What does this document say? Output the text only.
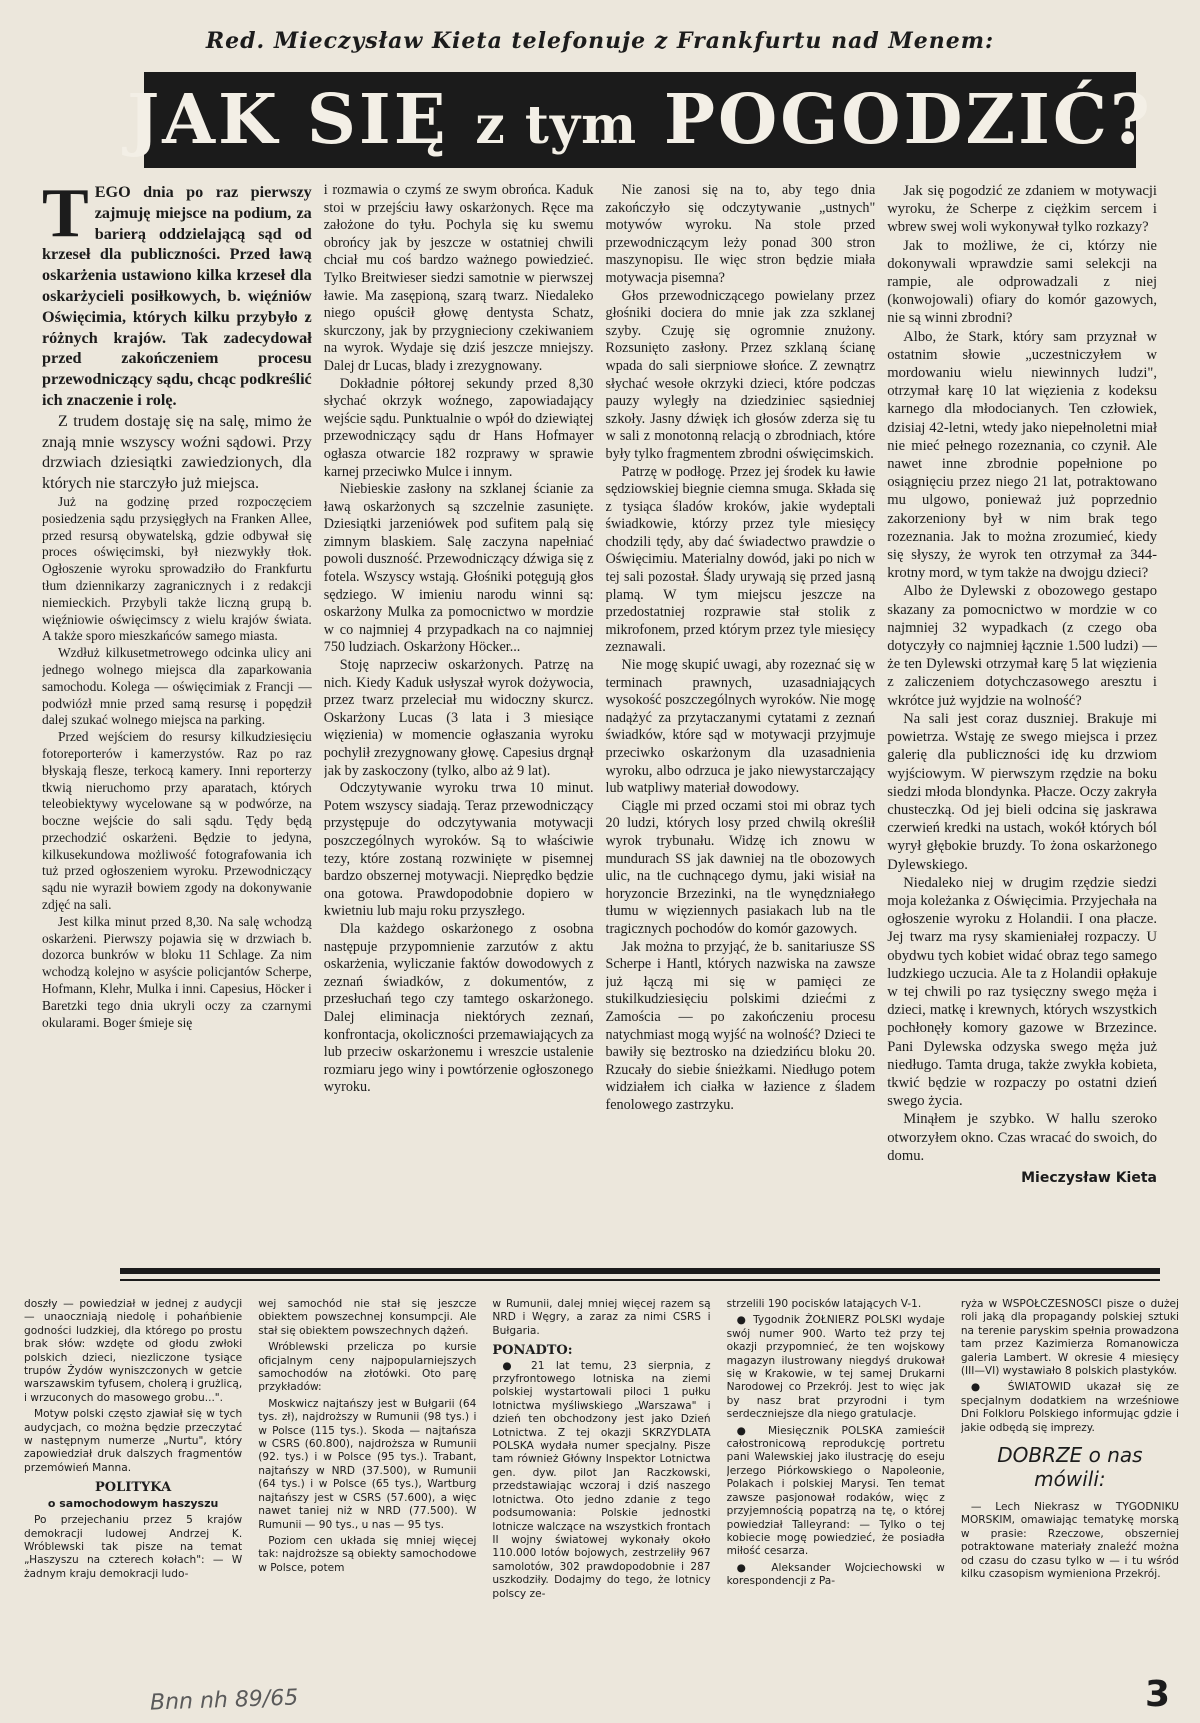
Red. Mieczysław Kieta telefonuje z Frankfurtu nad Menem:
JAK SIĘ z tym POGODZIĆ?

TEGO dnia po raz pierwszy zajmuję miejsce na podium, za barierą oddzielającą sąd od krzeseł dla publiczności. Przed ławą oskarżenia ustawiono kilka krzeseł dla oskarżycieli posiłkowych, b. więźniów Oświęcimia, których kilku przybyło z różnych krajów. Tak zadecydował przed zakończeniem procesu przewodniczący sądu, chcąc podkreślić ich znaczenie i rolę.

Z trudem dostaję się na salę, mimo że znają mnie wszyscy woźni sądowi. Przy drzwiach dziesiątki zawiedzionych, dla których nie starczyło już miejsca.

Już na godzinę przed rozpoczęciem posiedzenia sądu przysięgłych na Franken Allee, przed resursą obywatelską, gdzie odbywał się proces oświęcimski, był niezwykły tłok. Ogłoszenie wyroku sprowadziło do Frankfurtu tłum dziennikarzy zagranicznych i z redakcji niemieckich. Przybyli także liczną grupą b. więźniowie oświęcimscy z wielu krajów świata. A także sporo mieszkańców samego miasta.

Wzdłuż kilkusetmetrowego odcinka ulicy ani jednego wolnego miejsca dla zaparkowania samochodu. Kolega — oświęcimiak z Francji — podwiózł mnie przed samą resursę i popędził dalej szukać wolnego miejsca na parking.

Przed wejściem do resursy kilkudziesięciu fotoreporterów i kamerzystów. Raz po raz błyskają flesze, terkocą kamery. Inni reporterzy tkwią nieruchomo przy aparatach, których teleobiektywy wycelowane są w podwórze, na boczne wejście do sali sądu. Tędy będą przechodzić oskarżeni. Będzie to jedyna, kilkusekundowa możliwość fotografowania ich tuż przed ogłoszeniem wyroku. Przewodniczący sądu nie wyraził bowiem zgody na dokonywanie zdjęć na sali.

Jest kilka minut przed 8,30. Na salę wchodzą oskarżeni. Pierwszy pojawia się w drzwiach b. dozorca bunkrów w bloku 11 Schlage. Za nim wchodzą kolejno w asyście policjantów Scherpe, Hofmann, Klehr, Mulka i inni. Capesius, Höcker i Baretzki tego dnia ukryli oczy za czarnymi okularami. Boger śmieje się

i rozmawia o czymś ze swym obrońca. Kaduk stoi w przejściu ławy oskarżonych. Ręce ma założone do tyłu. Pochyla się ku swemu obrońcy jak by jeszcze w ostatniej chwili chciał mu coś bardzo ważnego powiedzieć. Tylko Breitwieser siedzi samotnie w pierwszej ławie. Ma zasępioną, szarą twarz. Niedaleko niego opuścił głowę dentysta Schatz, skurczony, jak by przygnieciony czekiwaniem na wyrok. Wydaje się dziś jeszcze mniejszy. Dalej dr Lucas, blady i zrezygnowany.

Dokładnie półtorej sekundy przed 8,30 słychać okrzyk woźnego, zapowiadający wejście sądu. Punktualnie o wpół do dziewiątej przewodniczący sądu dr Hans Hofmayer ogłasza otwarcie 182 rozprawy w sprawie karnej przeciwko Mulce i innym.

Niebieskie zasłony na szklanej ścianie za ławą oskarżonych są szczelnie zasunięte. Dziesiątki jarzeniówek pod sufitem palą się zimnym blaskiem. Salę zaczyna napełniać powoli duszność. Przewodniczący dźwiga się z fotela. Wszyscy wstają. Głośniki potęgują głos sędziego. W imieniu narodu winni są: oskarżony Mulka za pomocnictwo w mordzie w co najmniej 4 przypadkach na co najmniej 750 ludziach. Oskarżony Höcker...

Stoję naprzeciw oskarżonych. Patrzę na nich. Kiedy Kaduk usłyszał wyrok dożywocia, przez twarz przeleciał mu widoczny skurcz. Oskarżony Lucas (3 lata i 3 miesiące więzienia) w momencie ogłaszania wyroku pochylił zrezygnowany głowę. Capesius drgnął jak by zaskoczony (tylko, albo aż 9 lat).

Odczytywanie wyroku trwa 10 minut. Potem wszyscy siadają. Teraz przewodniczący przystępuje do odczytywania motywacji poszczególnych wyroków. Są to właściwie tezy, które zostaną rozwinięte w pisemnej bardzo obszernej motywacji. Nieprędko będzie ona gotowa. Prawdopodobnie dopiero w kwietniu lub maju roku przyszłego.

Dla każdego oskarżonego z osobna następuje przypomnienie zarzutów z aktu oskarżenia, wyliczanie faktów dowodowych z zeznań świadków, z dokumentów, z przesłuchań tego czy tamtego oskarżonego. Dalej eliminacja niektórych zeznań, konfrontacja, okoliczności przemawiających za lub przeciw oskarżonemu i wreszcie ustalenie rozmiaru jego winy i powtórzenie ogłoszonego wyroku.

Nie zanosi się na to, aby tego dnia zakończyło się odczytywanie „ustnych" motywów wyroku. Na stole przed przewodniczącym leży ponad 300 stron maszynopisu. Ile więc stron będzie miała motywacja pisemna?

Głos przewodniczącego powielany przez głośniki dociera do mnie jak zza szklanej szyby. Czuję się ogromnie znużony. Rozsunięto zasłony. Przez szklaną ścianę wpada do sali sierpniowe słońce. Z zewnątrz słychać wesołe okrzyki dzieci, które podczas pauzy wyległy na dziedziniec sąsiedniej szkoły. Jasny dźwięk ich głosów zderza się tu w sali z monotonną relacją o zbrodniach, które były tylko fragmentem zbrodni oświęcimskich.

Patrzę w podłogę. Przez jej środek ku ławie sędziowskiej biegnie ciemna smuga. Składa się z tysiąca śladów kroków, jakie wydeptali świadkowie, którzy przez tyle miesięcy chodzili tędy, aby dać świadectwo prawdzie o Oświęcimiu. Materialny dowód, jaki po nich w tej sali pozostał. Ślady urywają się przed jasną plamą. W tym miejscu jeszcze na przedostatniej rozprawie stał stolik z mikrofonem, przed którym przez tyle miesięcy zeznawali.

Nie mogę skupić uwagi, aby rozeznać się w terminach prawnych, uzasadniających wysokość poszczególnych wyroków. Nie mogę nadążyć za przytaczanymi cytatami z zeznań świadków, które sąd w motywacji przyjmuje przeciwko oskarżonym dla uzasadnienia wyroku, albo odrzuca je jako niewystarczający lub watpliwy materiał dowodowy.

Ciągle mi przed oczami stoi mi obraz tych 20 ludzi, których losy przed chwilą określił wyrok trybunału. Widzę ich znowu w mundurach SS jak dawniej na tle obozowych ulic, na tle cuchnącego dymu, jaki wisiał na horyzoncie Brzezinki, na tle wynędzniałego tłumu w więziennych pasiakach lub na tle tragicznych pochodów do komór gazowych.

Jak można to przyjąć, że b. sanitariusze SS Scherpe i Hantl, których nazwiska na zawsze już łączą mi się w pamięci ze stukilkudziesięciu polskimi dziećmi z Zamościa — po zakończeniu procesu natychmiast mogą wyjść na wolność? Dzieci te bawiły się beztrosko na dziedzińcu bloku 20. Rzucały do siebie śnieżkami. Niedługo potem widziałem ich ciałka w łazience z śladem fenolowego zastrzyku.

Jak się pogodzić ze zdaniem w motywacji wyroku, że Scherpe z ciężkim sercem i wbrew swej woli wykonywał tylko rozkazy?

Jak to możliwe, że ci, którzy nie dokonywali wprawdzie sami selekcji na rampie, ale odprowadzali z niej (konwojowali) ofiary do komór gazowych, nie są winni zbrodni?

Albo, że Stark, który sam przyznał w ostatnim słowie „uczestniczyłem w mordowaniu wielu niewinnych ludzi", otrzymał karę 10 lat więzienia z kodeksu karnego dla młodocianych. Ten człowiek, dzisiaj 42-letni, wtedy jako niepełnoletni miał nie mieć pełnego rozeznania, co czynił. Ale nawet inne zbrodnie popełnione po osiągnięciu przez niego 21 lat, potraktowano mu ulgowo, ponieważ już poprzednio zakorzeniony był w nim brak tego rozeznania. Jak to można zrozumieć, kiedy się słyszy, że wyrok ten otrzymał za 344-krotny mord, w tym także na dwojgu dzieci?

Albo że Dylewski z obozowego gestapo skazany za pomocnictwo w mordzie w co najmniej 32 wypadkach (z czego oba dotyczyły co najmniej łącznie 1.500 ludzi) — że ten Dylewski otrzymał karę 5 lat więzienia z zaliczeniem dotychczasowego aresztu i wkrótce już wyjdzie na wolność?

Na sali jest coraz duszniej. Brakuje mi powietrza. Wstaję ze swego miejsca i przez galerię dla publiczności idę ku drzwiom wyjściowym. W pierwszym rzędzie na boku siedzi młoda blondynka. Płacze. Oczy zakryła chusteczką. Od jej bieli odcina się jaskrawa czerwień kredki na ustach, wokół których ból wyrył głębokie bruzdy. To żona oskarżonego Dylewskiego.

Niedaleko niej w drugim rzędzie siedzi moja koleżanka z Oświęcimia. Przyjechała na ogłoszenie wyroku z Holandii. I ona płacze. Jej twarz ma rysy skamieniałej rozpaczy. U obydwu tych kobiet widać obraz tego samego ludzkiego uczucia. Ale ta z Holandii opłakuje w tej chwili po raz tysięczny swego męża i dzieci, matkę i krewnych, których wszystkich pochłonęły komory gazowe w Brzezince. Pani Dylewska odzyska swego męża już niedługo. Tamta druga, także zwykła kobieta, tkwić będzie w rozpaczy po ostatni dzień swego życia.

Minąłem je szybko. W hallu szeroko otworzyłem okno. Czas wracać do swoich, do domu.

Mieczysław Kieta

doszły — powiedział w jednej z audycji — unaoczniają niedolę i pohańbienie godności ludzkiej, dla którego po prostu brak słów: wzdęte od głodu zwłoki polskich dzieci, niezliczone tysiące trupów Żydów wyniszczonych w getcie warszawskim tyfusem, cholerą i grużlicą, i wrzuconych do masowego grobu...".

Motyw polski często zjawiał się w tych audycjach, co można będzie przeczytać w następnym numerze „Nurtu", który zapowiedział druk dalszych fragmentów przemówień Manna.

POLITYKA
o samochodowym haszyszu

Po przejechaniu przez 5 krajów demokracji ludowej Andrzej K. Wróblewski tak pisze na temat „Haszyszu na czterech kołach": — W żadnym kraju demokracji ludo-

wej samochód nie stał się jeszcze obiektem powszechnej konsumpcji. Ale stał się obiektem powszechnych dążeń.

Wróblewski przelicza po kursie oficjalnym ceny najpopularniejszych samochodów na złotówki. Oto parę przykładów:

Moskwicz najtańszy jest w Bułgarii (64 tys. zł), najdroższy w Rumunii (98 tys.) i w Polsce (115 tys.). Skoda — najtańsza w CSRS (60.800), najdroższa w Rumunii (92. tys.) i w Polsce (95 tys.). Trabant, najtańszy w NRD (37.500), w Rumunii (64 tys.) i w Polsce (65 tys.), Wartburg najtańszy jest w CSRS (57.600), a więc nawet taniej niż w NRD (77.500). W Rumunii — 90 tys., u nas — 95 tys.

Poziom cen układa się mniej więcej tak: najdroższe są obiekty samochodowe w Polsce, potem

w Rumunii, dalej mniej więcej razem są NRD i Węgry, a zaraz za nimi CSRS i Bułgaria.

PONADTO:

● 21 lat temu, 23 sierpnia, z przyfrontowego lotniska na ziemi polskiej wystartowali piloci 1 pułku lotnictwa myśliwskiego „Warszawa" i dzień ten obchodzony jest jako Dzień Lotnictwa. Z tej okazji SKRZYDLATA POLSKA wydała numer specjalny. Pisze tam również Główny Inspektor Lotnictwa gen. dyw. pilot Jan Raczkowski, przedstawiając wczoraj i dziś naszego lotnictwa. Oto jedno zdanie z tego podsumowania: Polskie jednostki lotnicze walczące na wszystkich frontach II wojny światowej wykonały około 110.000 lotów bojowych, zestrzeliły 967 samolotów, 302 prawdopodobnie i 287 uszkodziły. Dodajmy do tego, że lotnicy polscy ze-

strzelili 190 pocisków latających V-1.

● Tygodnik ŻOŁNIERZ POLSKI wydaje swój numer 900. Warto też przy tej okazji przypomnieć, że ten wojskowy magazyn ilustrowany niegdyś drukował się w Krakowie, w tej samej Drukarni Narodowej co Przekrój. Jest to więc jak by nasz brat przyrodni i tym serdeczniejsze dla niego gratulacje.

● Miesięcznik POLSKA zamieścił całostronicową reprodukcję portretu pani Walewskiej jako ilustrację do eseju Jerzego Piórkowskiego o Napoleonie, Polakach i polskiej Marysi. Ten temat zawsze pasjonował rodaków, więc z przyjemnością popatrzą na tę, o której powiedział Talleyrand: — Tylko o tej kobiecie mogę powiedzieć, że posiadła miłość cesarza.

● Aleksander Wojciechowski w korespondencji z Pa-

ryża w WSPÓŁCZESNOŚCI pisze o dużej roli jaką dla propagandy polskiej sztuki na terenie paryskim spełnia prowadzona tam przez Kazimierza Romanowicza galeria Lambert. W okresie 4 miesięcy (III—VI) wystawiało 8 polskich plastyków.

● ŚWIATOWID ukazał się ze specjalnym dodatkiem na wrześniowe Dni Folkloru Polskiego informując gdzie i jakie odbędą się imprezy.

DOBRZE o nas
mówili:

— Lech Niekrasz w TYGODNIKU MORSKIM, omawiając tematykę morską w prasie: Rzeczowe, obszerniej potraktowane materiały znaleźć można od czasu do czasu tylko w — i tu wśród kilku czasopism wymieniona Przekrój.

Bnn nh 89/65	3
